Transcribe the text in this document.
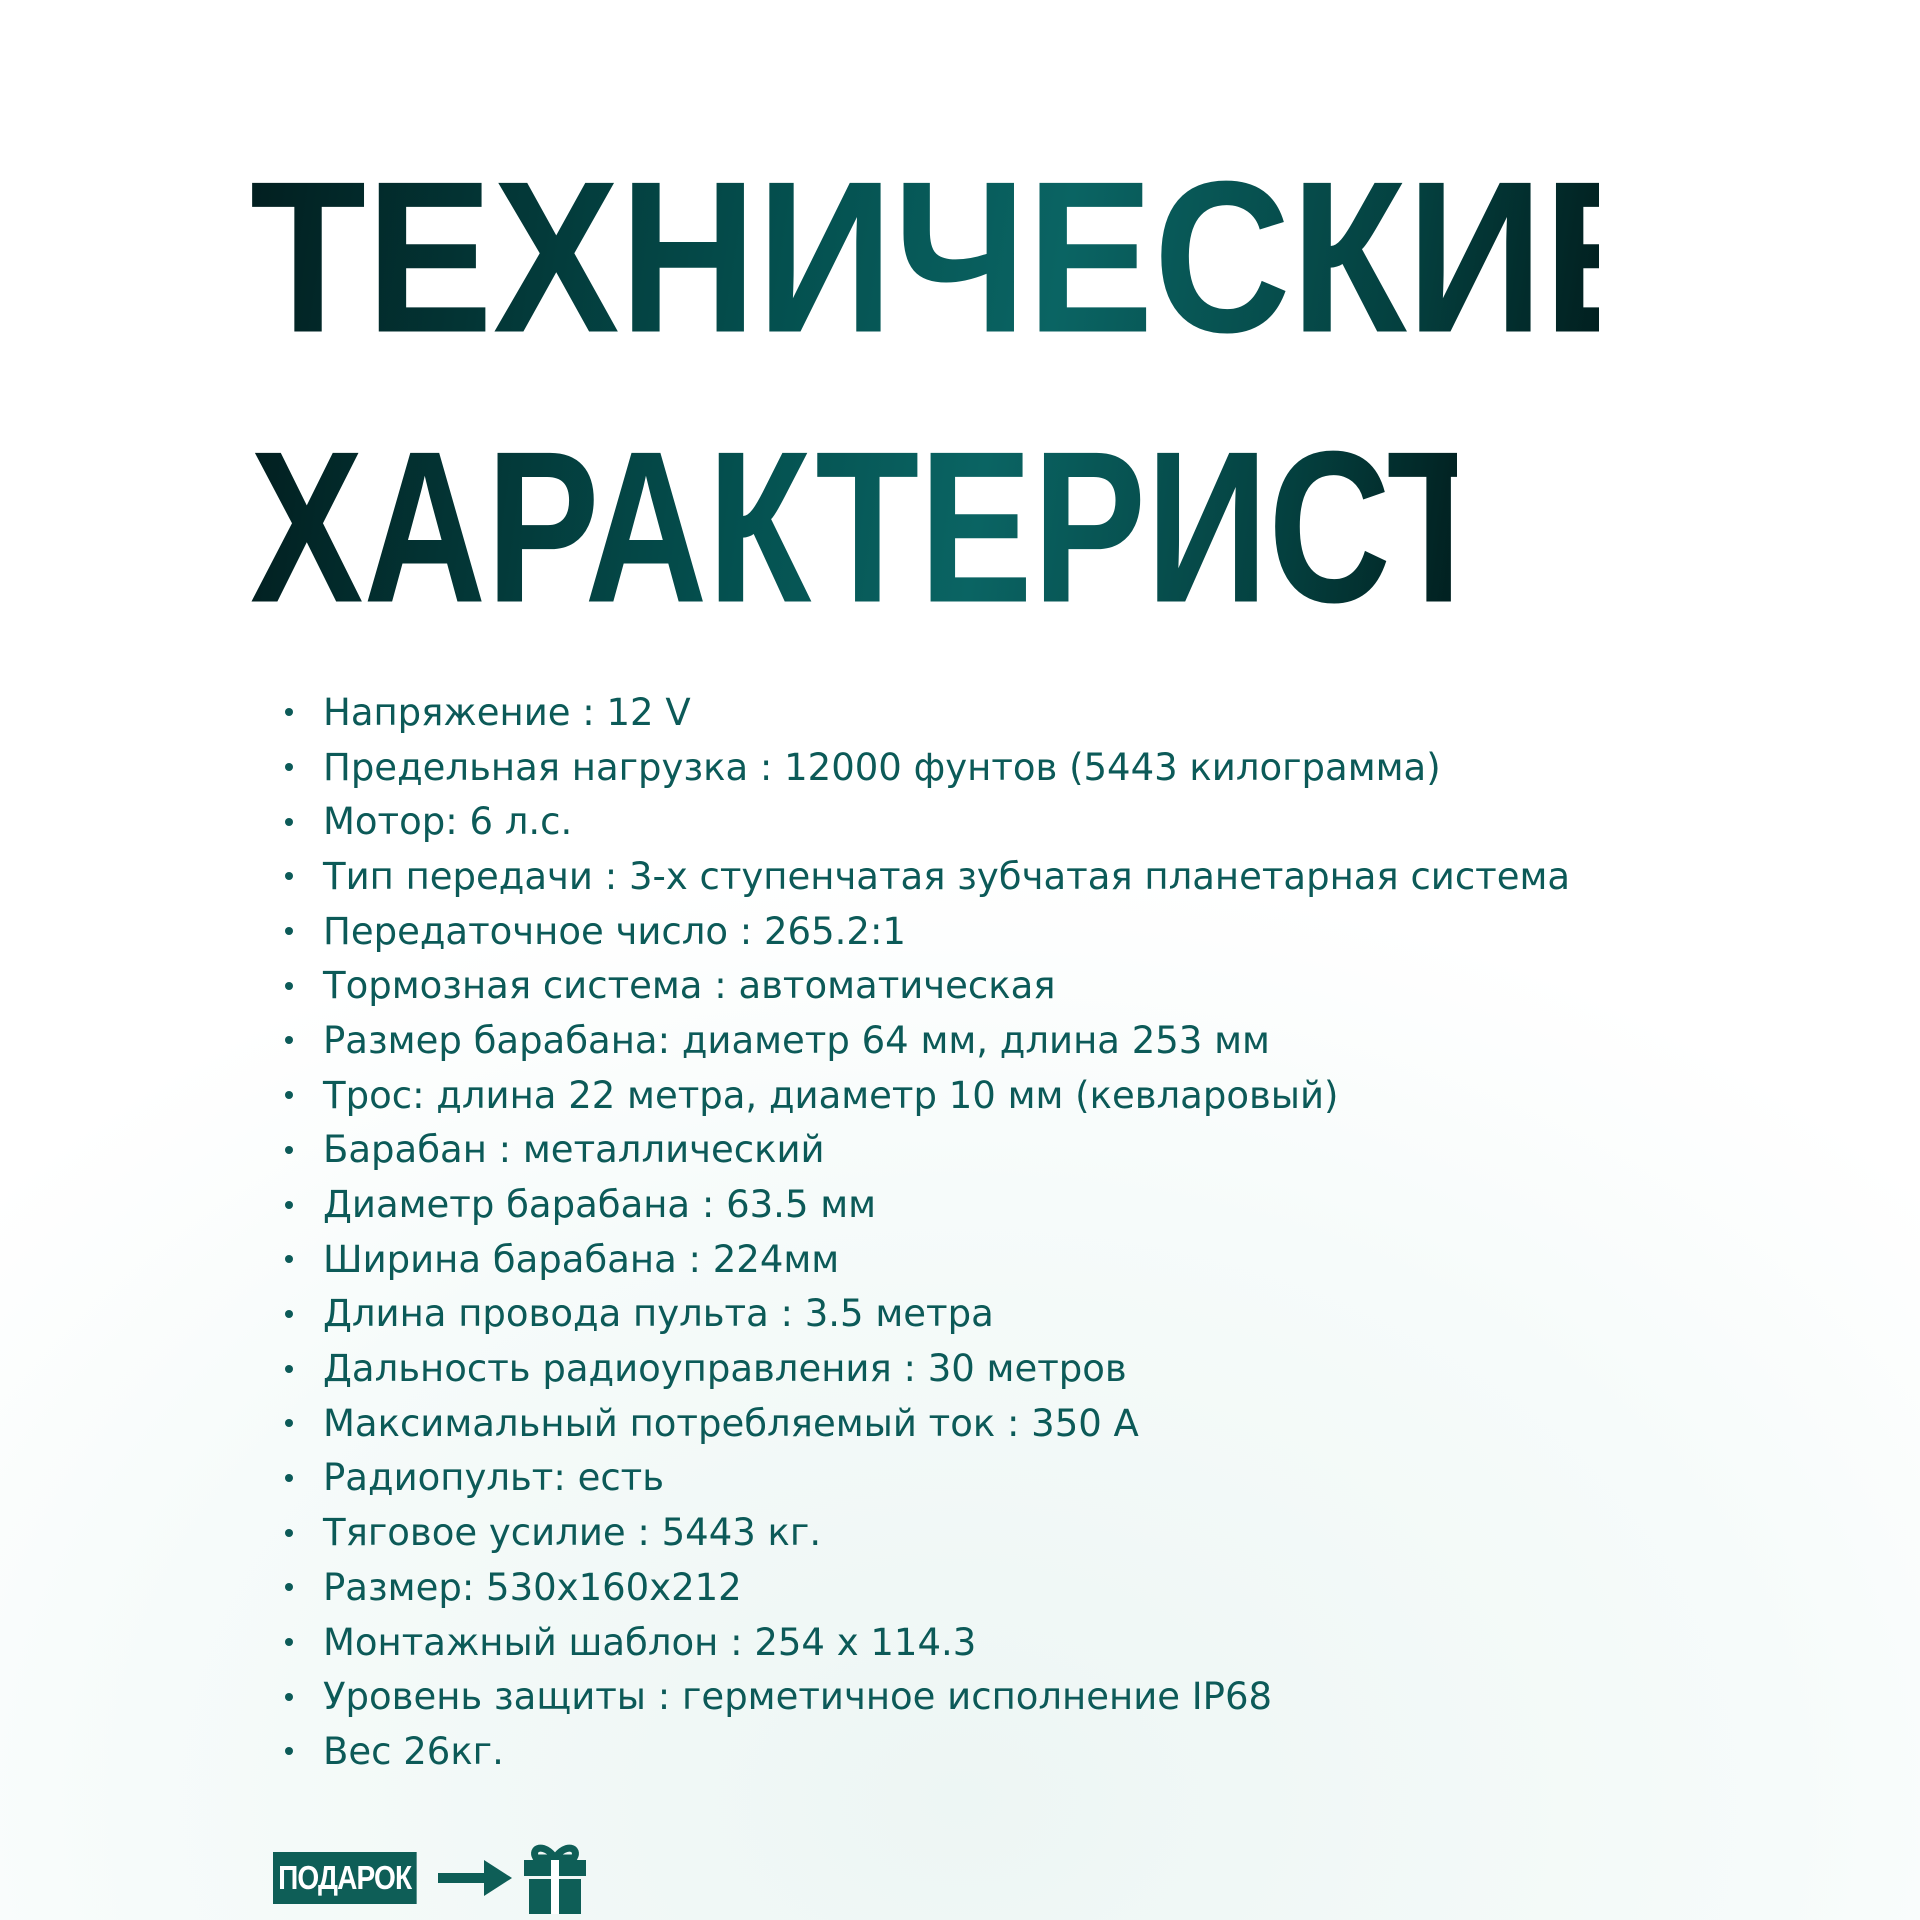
ТЕХНИЧЕСКИЕ
ХАРАКТЕРИСТИКИ
Напряжение : 12 V
Предельная нагрузка : 12000 фунтов (5443 килограмма)
Мотор: 6 л.с.
Тип передачи : 3-х ступенчатая зубчатая планетарная система
Передаточное число : 265.2:1
Тормозная система : автоматическая
Размер барабана: диаметр 64 мм, длина 253 мм
Трос: длина 22 метра, диаметр 10 мм (кевларовый)
Барабан : металлический
Диаметр барабана : 63.5 мм
Ширина барабана : 224мм
Длина провода пульта : 3.5 метра
Дальность радиоуправления : 30 метров
Максимальный потребляемый ток : 350 А
Радиопульт: есть
Тяговое усилие : 5443 кг.
Размер: 530х160х212
Монтажный шаблон : 254 х 114.3
Уровень защиты : герметичное исполнение IP68
Вес 26кг.
ПОДАРОК
